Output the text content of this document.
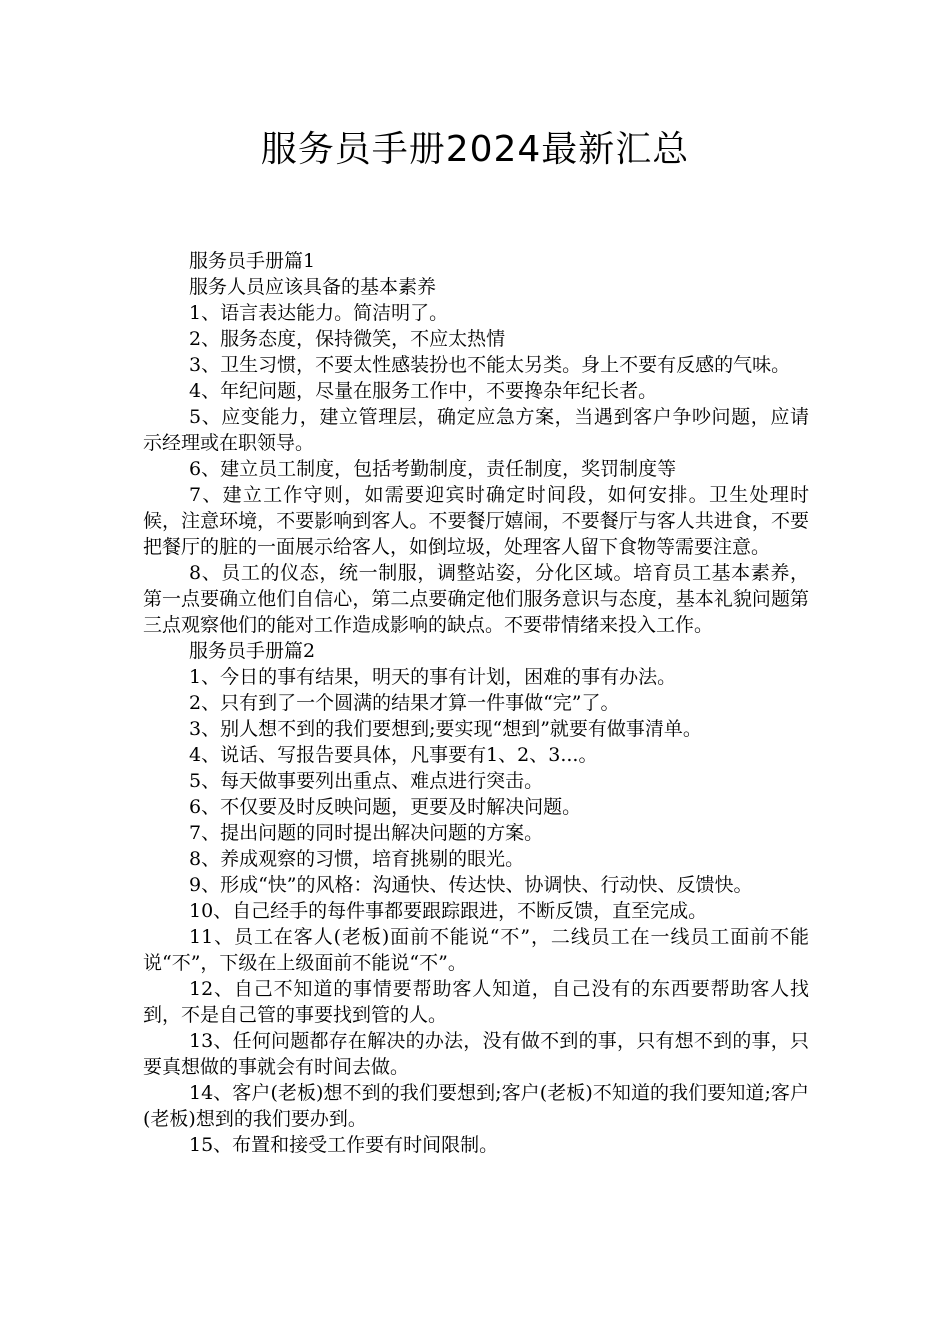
服务员手册2024最新汇总

服务员手册篇1

服务人员应该具备的基本素养

1、语言表达能力。简洁明了。

2、服务态度，保持微笑，不应太热情

3、卫生习惯，不要太性感装扮也不能太另类。身上不要有反感的气味。

4、年纪问题，尽量在服务工作中，不要搀杂年纪长者。

5、应变能力，建立管理层，确定应急方案，当遇到客户争吵问题，应请示经理或在职领导。

6、建立员工制度，包括考勤制度，责任制度，奖罚制度等

7、建立工作守则，如需要迎宾时确定时间段，如何安排。卫生处理时候，注意环境，不要影响到客人。不要餐厅嬉闹，不要餐厅与客人共进食，不要把餐厅的脏的一面展示给客人，如倒垃圾，处理客人留下食物等需要注意。

8、员工的仪态，统一制服，调整站姿，分化区域。培育员工基本素养，第一点要确立他们自信心，第二点要确定他们服务意识与态度，基本礼貌问题第三点观察他们的能对工作造成影响的缺点。不要带情绪来投入工作。

服务员手册篇2

1、今日的事有结果，明天的事有计划，困难的事有办法。

2、只有到了一个圆满的结果才算一件事做“完”了。

3、别人想不到的我们要想到;要实现“想到”就要有做事清单。

4、说话、写报告要具体，凡事要有1、2、3...。

5、每天做事要列出重点、难点进行突击。

6、不仅要及时反映问题，更要及时解决问题。

7、提出问题的同时提出解决问题的方案。

8、养成观察的习惯，培育挑剔的眼光。

9、形成“快”的风格：沟通快、传达快、协调快、行动快、反馈快。

10、自己经手的每件事都要跟踪跟进，不断反馈，直至完成。

11、员工在客人(老板)面前不能说“不”，二线员工在一线员工面前不能说“不”，下级在上级面前不能说“不”。

12、自己不知道的事情要帮助客人知道，自己没有的东西要帮助客人找到，不是自己管的事要找到管的人。

13、任何问题都存在解决的办法，没有做不到的事，只有想不到的事，只要真想做的事就会有时间去做。

14、客户(老板)想不到的我们要想到;客户(老板)不知道的我们要知道;客户(老板)想到的我们要办到。

15、布置和接受工作要有时间限制。
